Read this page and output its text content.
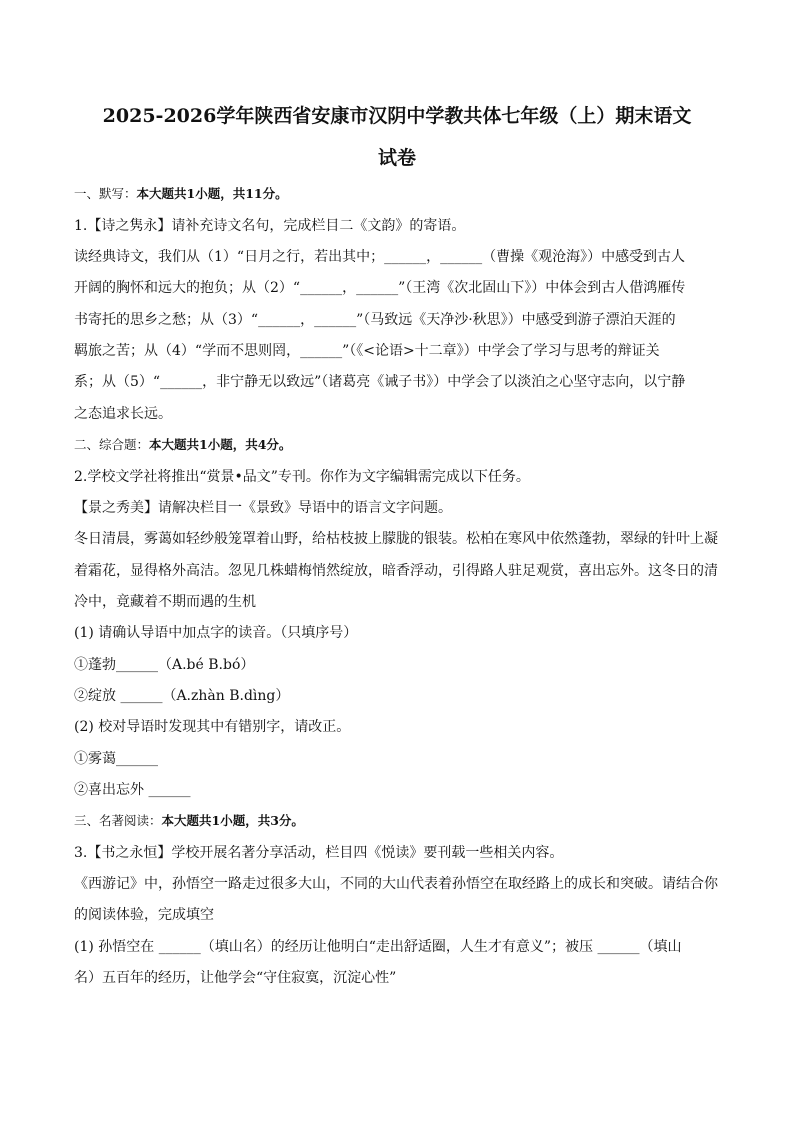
2025-2026学年陕西省安康市汉阴中学教共体七年级（上）期末语文
试卷
一、默写：本大题共1小题，共11分。
1.【诗之隽永】请补充诗文名句，完成栏目二《文韵》的寄语。
读经典诗文，我们从（1）“日月之行，若出其中；______，______（曹操《观沧海》）中感受到古人
开阔的胸怀和远大的抱负；从（2）“______，______”（王湾《次北固山下》）中体会到古人借鸿雁传
书寄托的思乡之愁；从（3）“______，______”（马致远《天净沙·秋思》）中感受到游子漂泊天涯的
羁旅之苦；从（4）“学而不思则罔，______”（《<论语>十二章》）中学会了学习与思考的辩证关
系；从（5）“______，非宁静无以致远”（诸葛亮《诫子书》）中学会了以淡泊之心坚守志向，以宁静
之态追求长远。
二、综合题：本大题共1小题，共4分。
2.学校文学社将推出“赏景•品文”专刊。你作为文字编辑需完成以下任务。
【景之秀美】请解决栏目一《景致》导语中的语言文字问题。
冬日清晨，雾蔼如轻纱般笼罩着山野，给枯枝披上朦胧的银装。松柏在寒风中依然蓬勃，翠绿的针叶上凝
着霜花，显得格外高洁。忽见几株蜡梅悄然绽放，暗香浮动，引得路人驻足观赏，喜出忘外。这冬日的清
冷中，竟藏着不期而遇的生机
(1) 请确认导语中加点字的读音。（只填序号）
①蓬勃______（A.bé B.bó）
②绽放 ______（A.zhàn B.dìng）
(2) 校对导语时发现其中有错别字，请改正。
①雾蔼______
②喜出忘外 ______
三、名著阅读：本大题共1小题，共3分。
3.【书之永恒】学校开展名著分享活动，栏目四《悦读》要刊载一些相关内容。
《西游记》中，孙悟空一路走过很多大山，不同的大山代表着孙悟空在取经路上的成长和突破。请结合你
的阅读体验，完成填空
(1) 孙悟空在 ______（填山名）的经历让他明白“走出舒适圈，人生才有意义”；被压 ______（填山
名）五百年的经历，让他学会“守住寂寞，沉淀心性”
